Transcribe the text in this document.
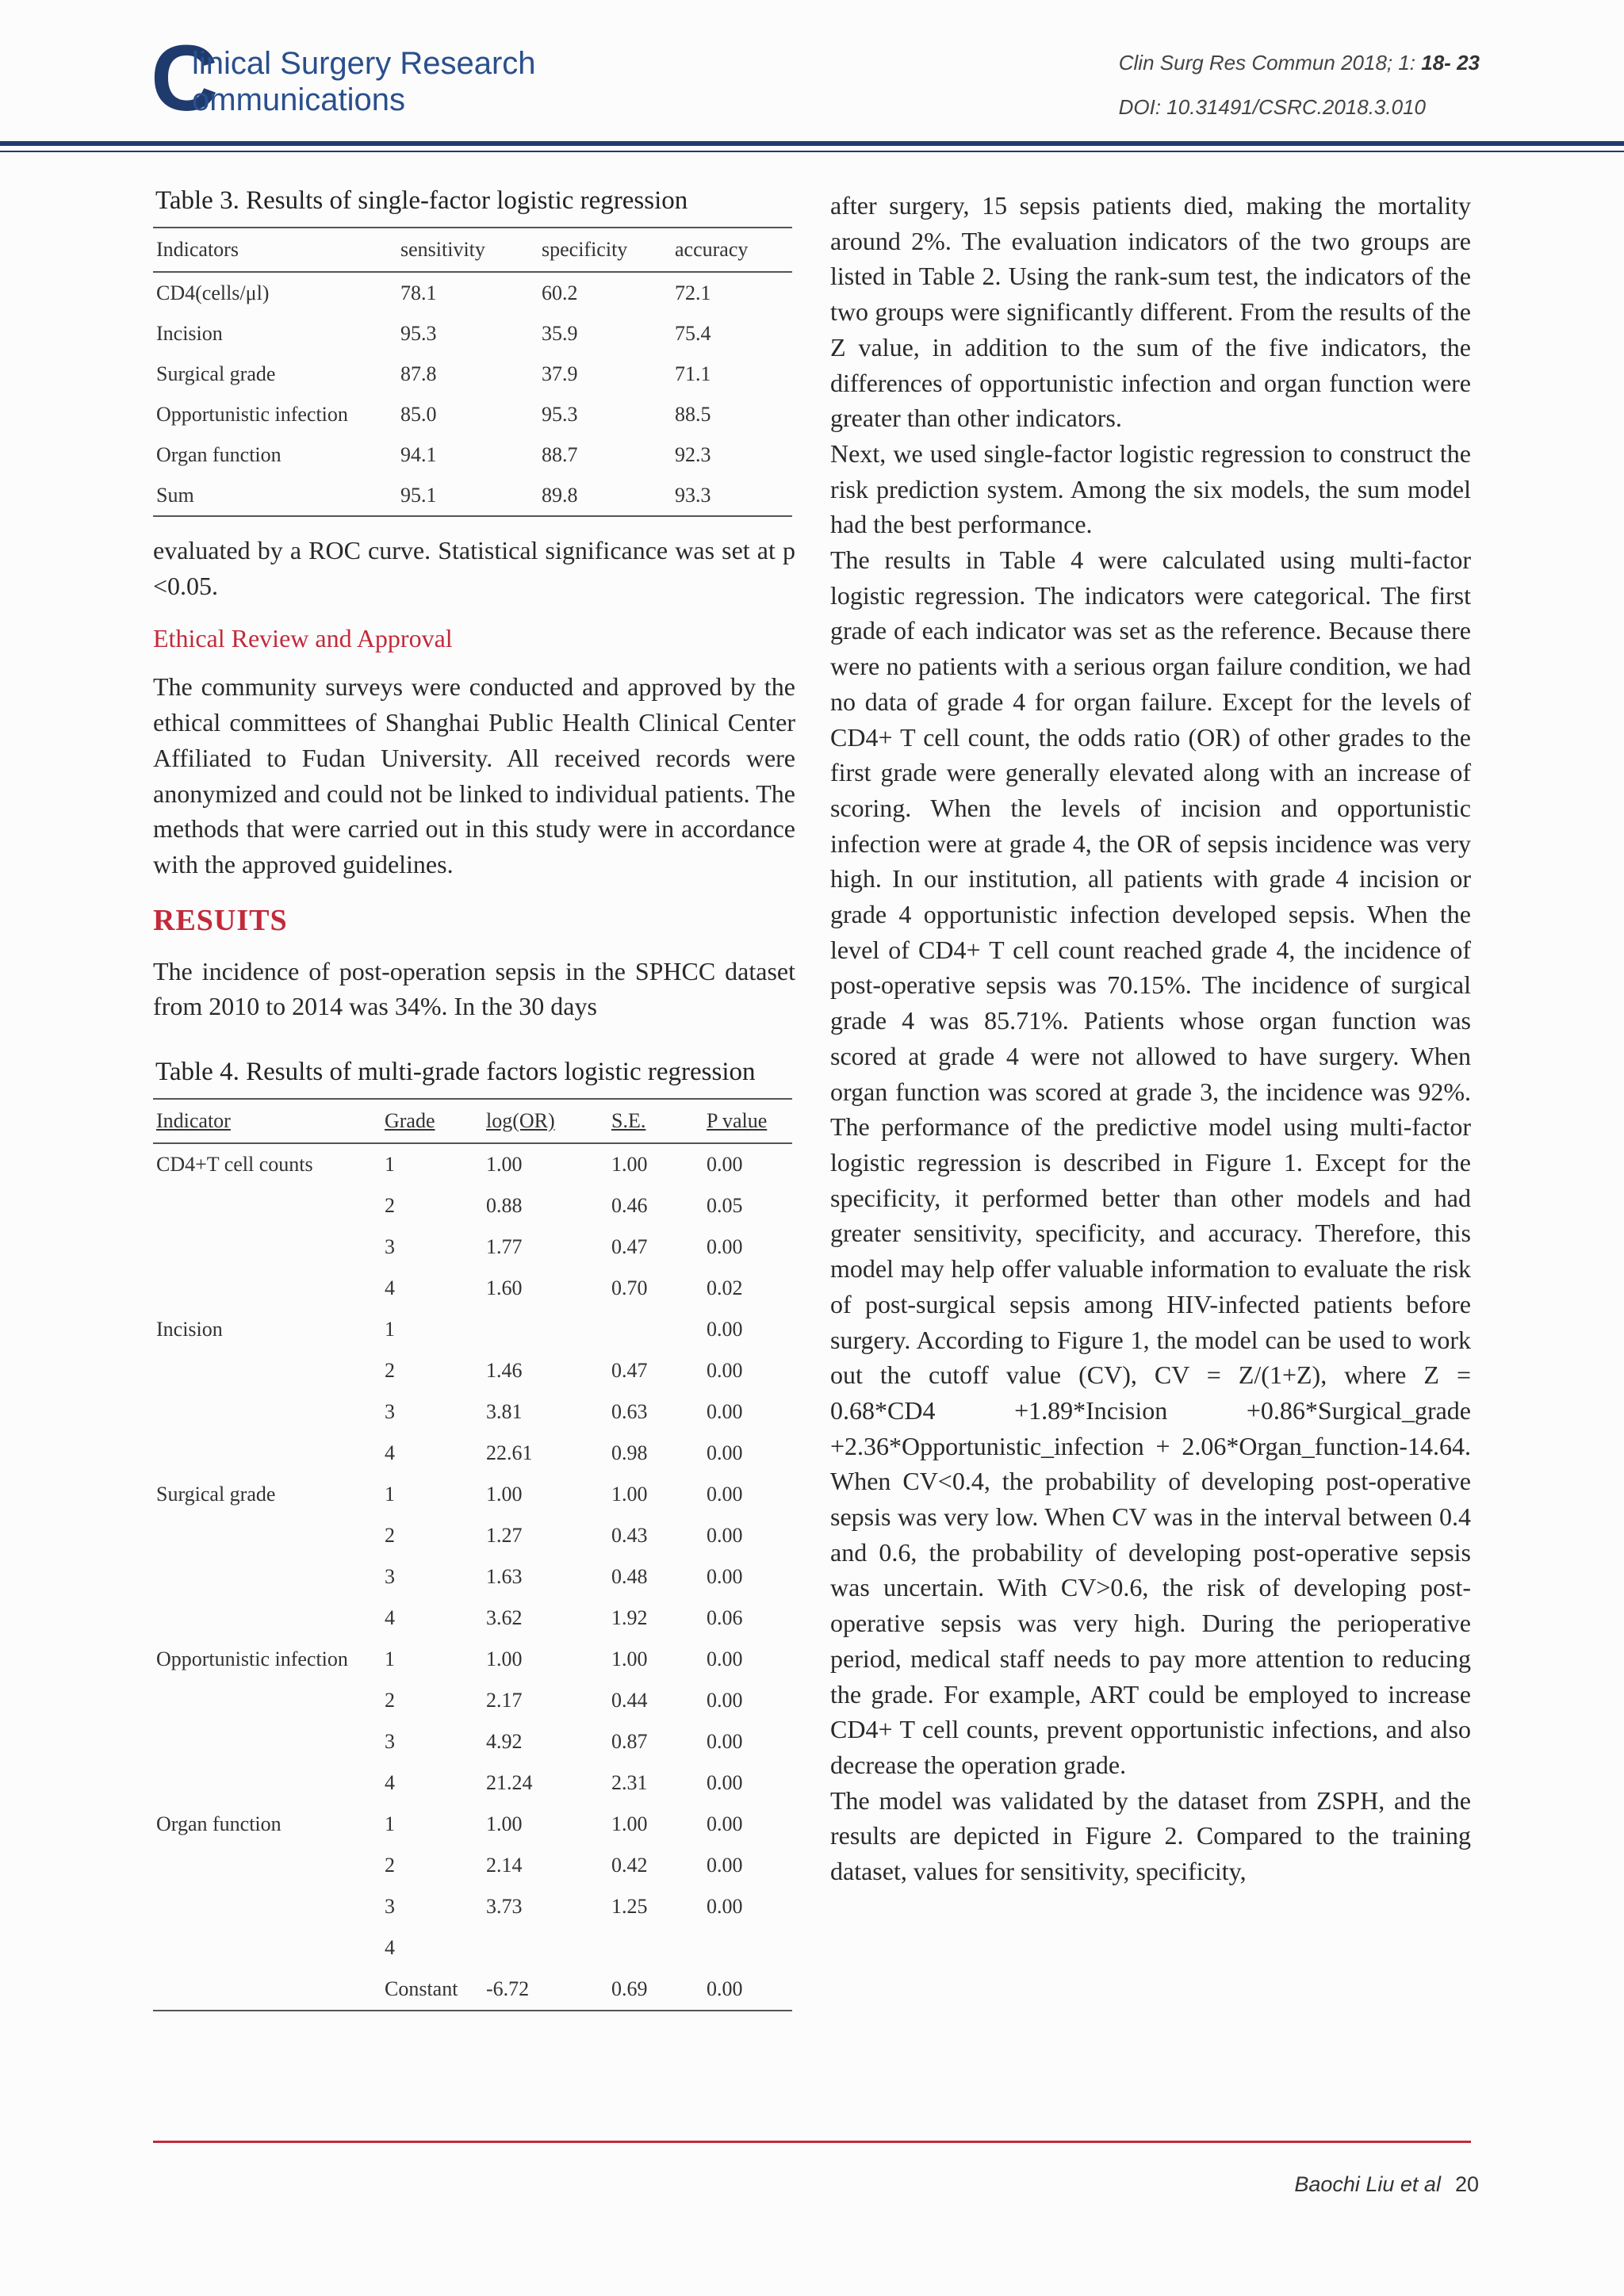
C
linical Surgery Research
ommunications
Clin Surg Res Commun 2018; 1: 18- 23
DOI: 10.31491/CSRC.2018.3.010
Table 3. Results of single-factor logistic regression
Indicators	sensitivity	specificity	accuracy
CD4(cells/μl)	78.1	60.2	72.1
Incision	95.3	35.9	75.4
Surgical grade	87.8	37.9	71.1
Opportunistic infection	85.0	95.3	88.5
Organ function	94.1	88.7	92.3
Sum	95.1	89.8	93.3

evaluated by a ROC curve. Statistical significance was set at p <0.05.

Ethical Review and Approval

The community surveys were conducted and approved by the ethical committees of Shanghai Public Health Clinical Center Affiliated to Fudan University. All received records were anonymized and could not be linked to individual patients. The methods that were carried out in this study were in accordance with the approved guidelines.

RESUITS

The incidence of post-operation sepsis in the SPHCC dataset from 2010 to 2014 was 34%. In the 30 days

Table 4. Results of multi-grade factors logistic regression
Indicator	Grade	log(OR)	S.E.	P value
CD4+T cell counts	1	1.00	1.00	0.00
	2	0.88	0.46	0.05
	3	1.77	0.47	0.00
	4	1.60	0.70	0.02
Incision	1			0.00
	2	1.46	0.47	0.00
	3	3.81	0.63	0.00
	4	22.61	0.98	0.00
Surgical grade	1	1.00	1.00	0.00
	2	1.27	0.43	0.00
	3	1.63	0.48	0.00
	4	3.62	1.92	0.06
Opportunistic infection	1	1.00	1.00	0.00
	2	2.17	0.44	0.00
	3	4.92	0.87	0.00
	4	21.24	2.31	0.00
Organ function	1	1.00	1.00	0.00
	2	2.14	0.42	0.00
	3	3.73	1.25	0.00
	4			
	Constant	-6.72	0.69	0.00

after surgery, 15 sepsis patients died, making the mortality around 2%. The evaluation indicators of the two groups are listed in Table 2. Using the rank-sum test, the indicators of the two groups were significantly different. From the results of the Z value, in addition to the sum of the five indicators, the differences of opportunistic infection and organ function were greater than other indicators.

Next, we used single-factor logistic regression to construct the risk prediction system. Among the six models, the sum model had the best performance.

The results in Table 4 were calculated using multi-factor logistic regression. The indicators were categorical. The first grade of each indicator was set as the reference. Because there were no patients with a serious organ failure condition, we had no data of grade 4 for organ failure. Except for the levels of CD4+ T cell count, the odds ratio (OR) of other grades to the first grade were generally elevated along with an increase of scoring. When the levels of incision and opportunistic infection were at grade 4, the OR of sepsis incidence was very high. In our institution, all patients with grade 4 incision or grade 4 opportunistic infection developed sepsis. When the level of CD4+ T cell count reached grade 4, the incidence of post-operative sepsis was 70.15%. The incidence of surgical grade 4 was 85.71%. Patients whose organ function was scored at grade 4 were not allowed to have surgery. When organ function was scored at grade 3, the incidence was 92%. The performance of the predictive model using multi-factor logistic regression is described in Figure 1. Except for the specificity, it performed better than other models and had greater sensitivity, specificity, and accuracy. Therefore, this model may help offer valuable information to evaluate the risk of post-surgical sepsis among HIV-infected patients before surgery. According to Figure 1, the model can be used to work out the cutoff value (CV), CV = Z/(1+Z), where Z = 0.68*CD4 +1.89*Incision +0.86*Surgical_grade +2.36*Opportunistic_infection + 2.06*Organ_function-14.64. When CV<0.4, the probability of developing post-operative sepsis was very low. When CV was in the interval between 0.4 and 0.6, the probability of developing post-operative sepsis was uncertain. With CV>0.6, the risk of developing post-operative sepsis was very high. During the perioperative period, medical staff needs to pay more attention to reducing the grade. For example, ART could be employed to increase CD4+ T cell counts, prevent opportunistic infections, and also decrease the operation grade.

The model was validated by the dataset from ZSPH, and the results are depicted in Figure 2. Compared to the training dataset, values for sensitivity, specificity,

Baochi Liu et al 20
